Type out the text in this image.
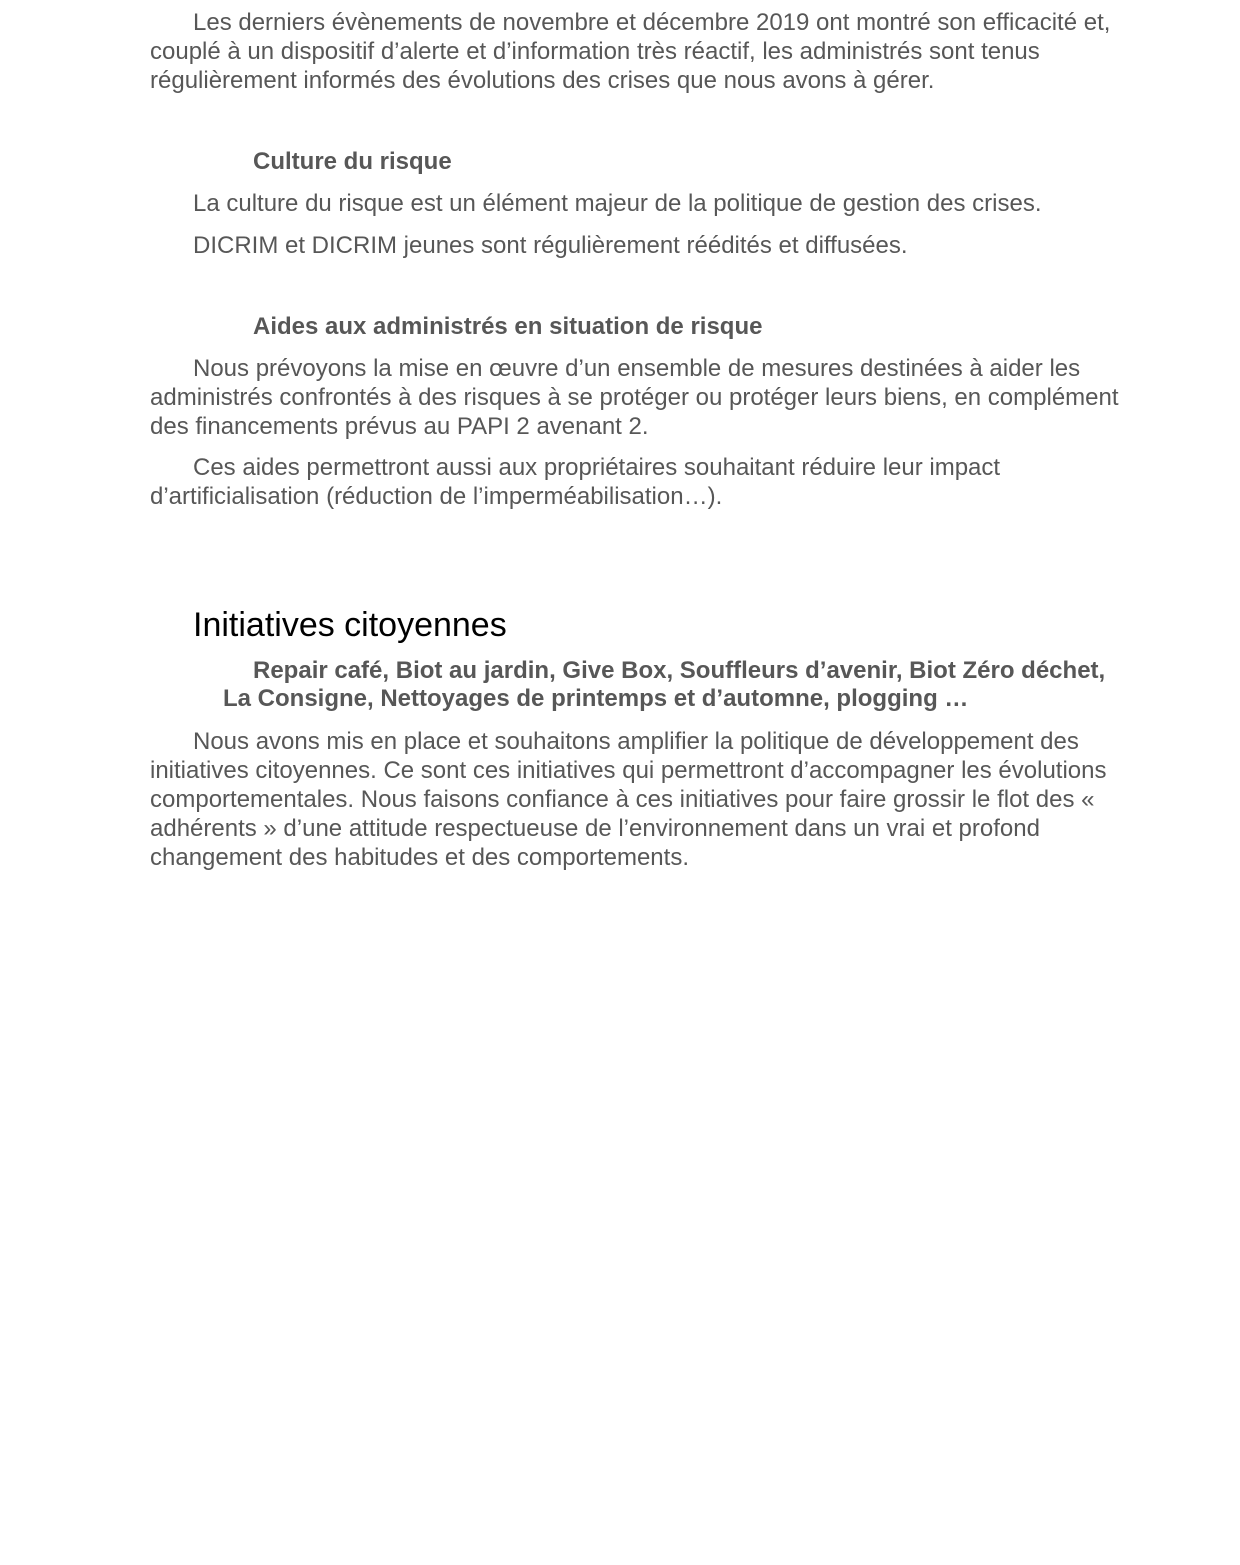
Les derniers évènements de novembre et décembre 2019 ont montré son efficacité et, couplé à un dispositif d’alerte et d’information très réactif, les administrés sont tenus régulièrement informés des évolutions des crises que nous avons à gérer.

Culture du risque

La culture du risque est un élément majeur de la politique de gestion des crises.

DICRIM et DICRIM jeunes sont régulièrement réédités et diffusées.

Aides aux administrés en situation de risque

Nous prévoyons la mise en œuvre d’un ensemble de mesures destinées à aider les administrés confrontés à des risques à se protéger ou protéger leurs biens, en complément des financements prévus au PAPI 2 avenant 2.

Ces aides permettront aussi aux propriétaires souhaitant réduire leur impact d’artificialisation (réduction de l’imperméabilisation…).

Initiatives citoyennes

Repair café, Biot au jardin, Give Box, Souffleurs d’avenir, Biot Zéro déchet,

La Consigne, Nettoyages de printemps et d’automne, plogging …

Nous avons mis en place et souhaitons amplifier la politique de développement des initiatives citoyennes. Ce sont ces initiatives qui permettront d’accompagner les évolutions comportementales. Nous faisons confiance à ces initiatives pour faire grossir le flot des « adhérents » d’une attitude respectueuse de l’environnement dans un vrai et profond changement des habitudes et des comportements.
